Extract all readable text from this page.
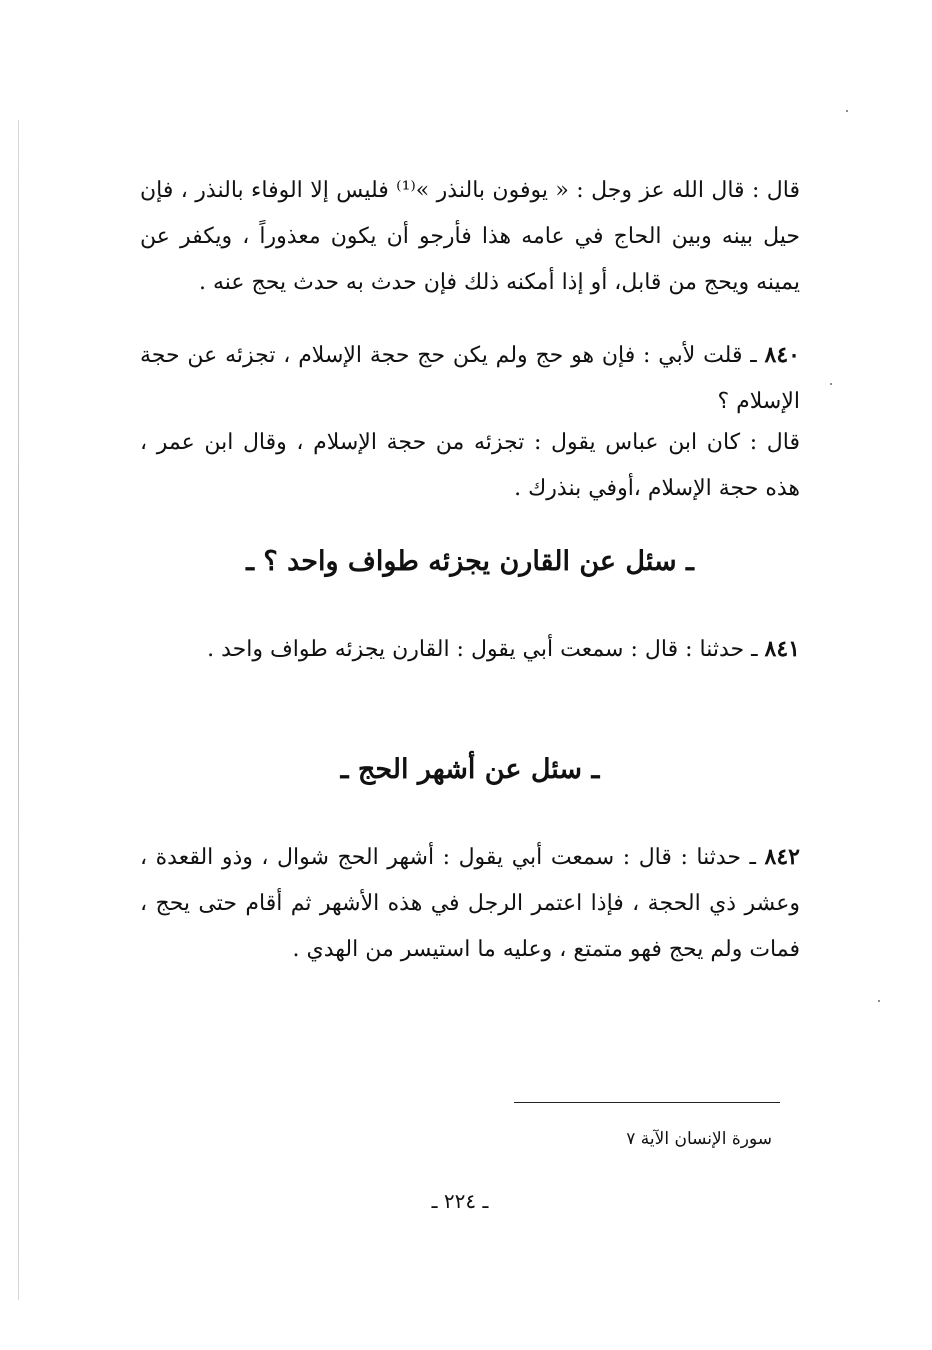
قال : قال الله عز وجل : « يوفون بالنذر »⁽¹⁾ فليس إلا الوفاء بالنذر ، فإن حيل بينه وبين الحاج في عامه هذا فأرجو أن يكون معذوراً ، ويكفر عن يمينه ويحج من قابل، أو إذا أمكنه ذلك فإن حدث به حدث يحج عنه .

٨٤٠ ـ قلت لأبي : فإن هو حج ولم يكن حج حجة الإسلام ، تجزئه عن حجة الإسلام ؟

قال : كان ابن عباس يقول : تجزئه من حجة الإسلام ، وقال ابن عمر ، هذه حجة الإسلام ،أوفي بنذرك .

ـ سئل عن القارن يجزئه طواف واحد ؟ ـ

٨٤١ ـ حدثنا : قال : سمعت أبي يقول : القارن يجزئه طواف واحد .

ـ سئل عن أشهر الحج ـ

٨٤٢ ـ حدثنا : قال : سمعت أبي يقول : أشهر الحج شوال ، وذو القعدة ، وعشر ذي الحجة ، فإذا اعتمر الرجل في هذه الأشهر ثم أقام حتى يحج ، فمات ولم يحج فهو متمتع ، وعليه ما استيسر من الهدي .

سورة الإنسان الآية ٧

ـ ٢٢٤ ـ
